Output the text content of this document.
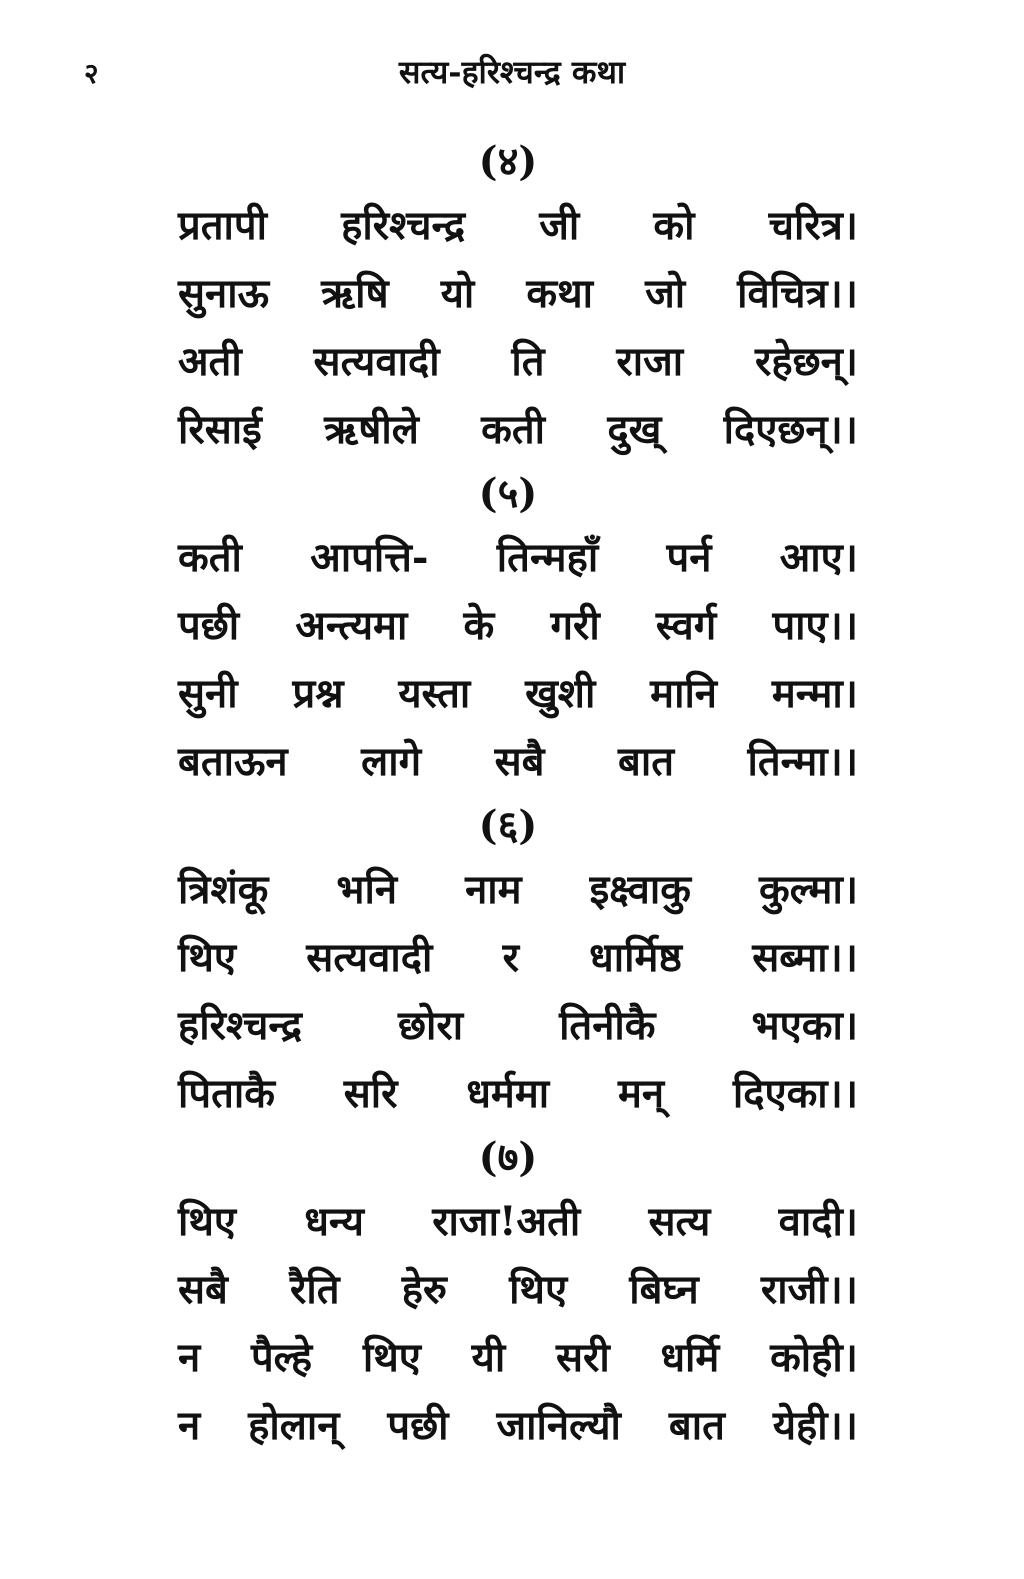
२	सत्य-हरिश्चन्द्र कथा
(४)
प्रतापी हरिश्चन्द्र जी को चरित्र।
सुनाऊ ऋषि यो कथा जो विचित्र।।
अती सत्यवादी ति राजा रहेछन्।
रिसाई ऋषीले कती दुख् दिएछन्।।
(५)
कती आपत्ति- तिन्महाँ पर्न आए।
पछी अन्त्यमा के गरी स्वर्ग पाए।।
सुनी प्रश्न यस्ता खुशी मानि मन्मा।
बताऊन लागे सबै बात तिन्मा।।
(६)
त्रिशंकू भनि नाम इक्ष्वाकु कुल्मा।
थिए सत्यवादी र धार्मिष्ठ सब्मा।।
हरिश्चन्द्र छोरा तिनीकै भएका।
पिताकै सरि धर्ममा मन् दिएका।।
(७)
थिए धन्य राजा!अती सत्य वादी।
सबै रैति हेरु थिए बिघ्न राजी।।
न पैल्हे थिए यी सरी धर्मि कोही।
न होलान् पछी जानिल्यौ बात येही।।
